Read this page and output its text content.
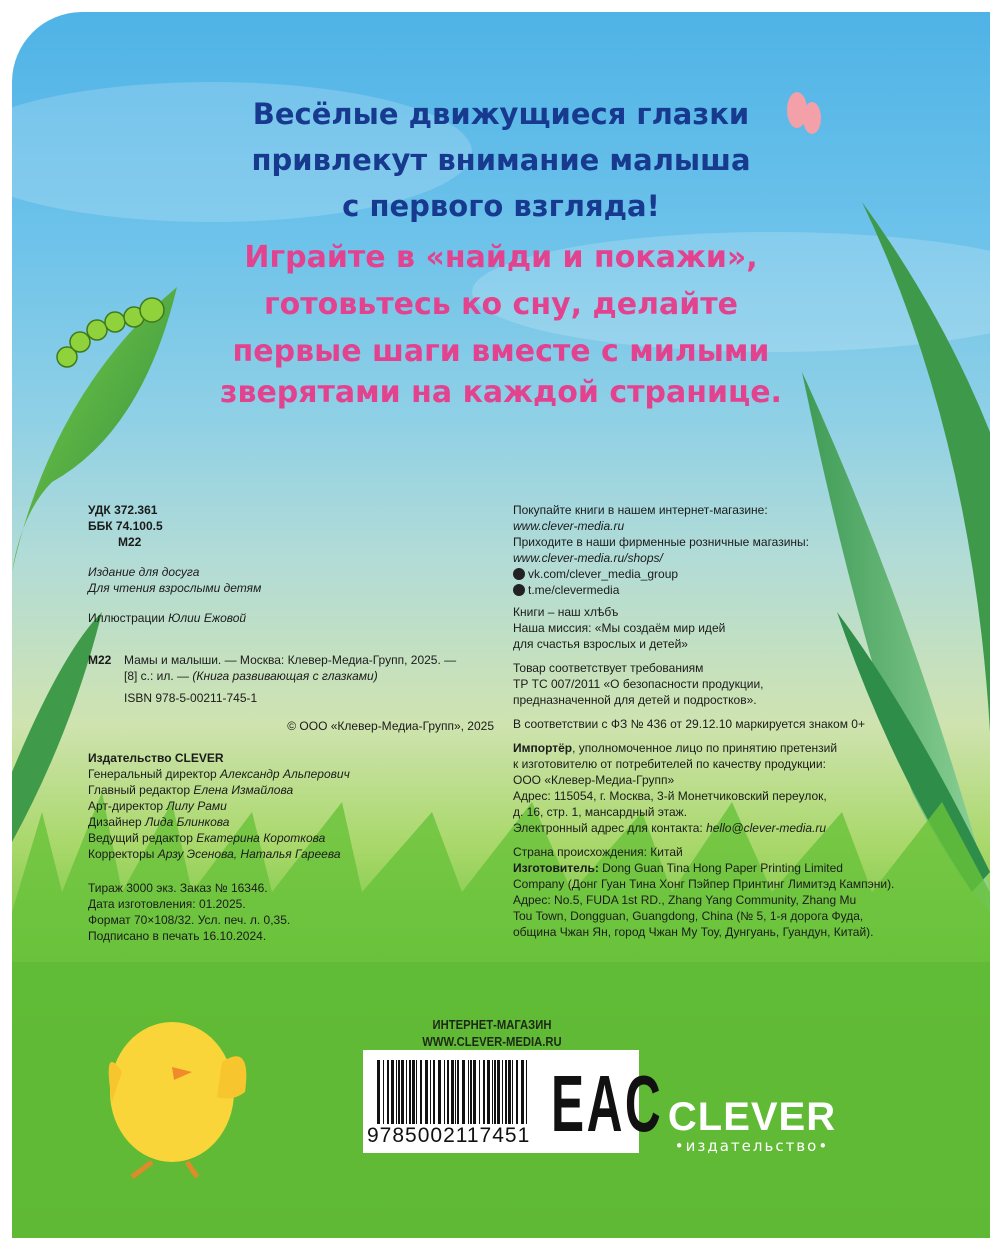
Весёлые движущиеся глазки
привлекут внимание малыша
с первого взгляда!
Играйте в «найди и покажи»,
готовьтесь ко сну, делайте
первые шаги вместе с милыми
зверятами на каждой странице.
УДК 372.361
ББК 74.100.5
М22
Издание для досуга
Для чтения взрослыми детям
Иллюстрации Юлии Ежовой
М22 Мамы и малыши. — Москва: Клевер-Медиа-Групп, 2025. —
[8] с.: ил. — (Книга развивающая с глазками)
ISBN 978-5-00211-745-1
© ООО «Клевер-Медиа-Групп», 2025
Издательство CLEVER
Генеральный директор Александр Альперович
Главный редактор Елена Измайлова
Арт-директор Лилу Рами
Дизайнер Лида Блинкова
Ведущий редактор Екатерина Короткова
Корректоры Арзу Эсенова, Наталья Гареева
Тираж 3000 экз. Заказ № 16346.
Дата изготовления: 01.2025.
Формат 70×108/32. Усл. печ. л. 0,35.
Подписано в печать 16.10.2024.
Покупайте книги в нашем интернет-магазине:
www.clever-media.ru
Приходите в наши фирменные розничные магазины:
www.clever-media.ru/shops/
vk.com/clever_media_group
t.me/clevermedia
Книги – наш хлѣбъ
Наша миссия: «Мы создаём мир идей
для счастья взрослых и детей»
Товар соответствует требованиям
ТР ТС 007/2011 «О безопасности продукции,
предназначенной для детей и подростков».
В соответствии с ФЗ № 436 от 29.12.10 маркируется знаком 0+
Импортёр, уполномоченное лицо по принятию претензий
к изготовителю от потребителей по качеству продукции:
ООО «Клевер-Медиа-Групп»
Адрес: 115054, г. Москва, 3-й Монетчиковский переулок,
д. 16, стр. 1, мансардный этаж.
Электронный адрес для контакта: hello@clever-media.ru
Страна происхождения: Китай
Изготовитель: Dong Guan Tina Hong Paper Printing Limited
Company (Донг Гуан Тина Хонг Пэйпер Принтинг Лимитэд Кампэни).
Адрес: No.5, FUDA 1st RD., Zhang Yang Community, Zhang Mu
Tou Town, Dongguan, Guangdong, China (№ 5, 1-я дорога Фуда,
община Чжан Ян, город Чжан Му Тоу, Дунгуань, Гуандун, Китай).
ИНТЕРНЕТ-МАГАЗИН
WWW.CLEVER-MEDIA.RU
9785002117451 EAC CLEVER
•издательство•
